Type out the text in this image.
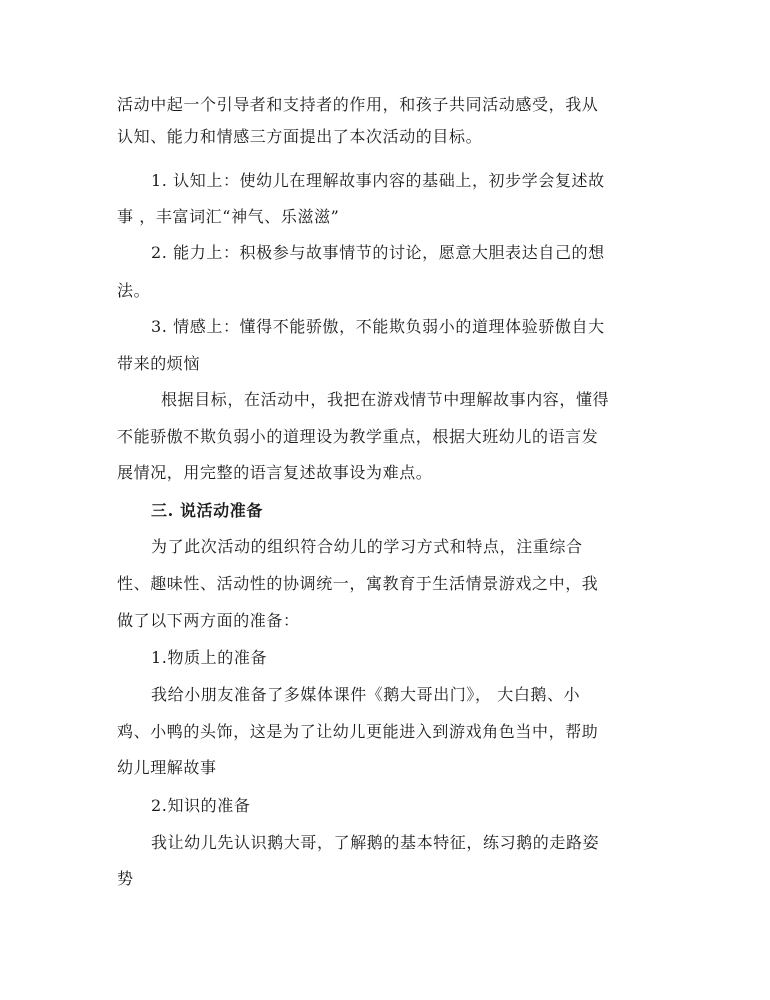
活动中起一个引导者和支持者的作用，和孩子共同活动感受，我从
认知、能力和情感三方面提出了本次活动的目标。
1. 认知上：使幼儿在理解故事内容的基础上，初步学会复述故
事 ，丰富词汇“神气、乐滋滋”
2. 能力上：积极参与故事情节的讨论，愿意大胆表达自己的想
法。
3. 情感上：懂得不能骄傲，不能欺负弱小的道理体验骄傲自大
带来的烦恼
根据目标，在活动中，我把在游戏情节中理解故事内容，懂得
不能骄傲不欺负弱小的道理设为教学重点，根据大班幼儿的语言发
展情况，用完整的语言复述故事设为难点。
三. 说活动准备
为了此次活动的组织符合幼儿的学习方式和特点，注重综合
性、趣味性、活动性的协调统一，寓教育于生活情景游戏之中，我
做了以下两方面的准备：
1.物质上的准备
我给小朋友准备了多媒体课件《鹅大哥出门》， 大白鹅、小
鸡、小鸭的头饰，这是为了让幼儿更能进入到游戏角色当中，帮助
幼儿理解故事
2.知识的准备
我让幼儿先认识鹅大哥，了解鹅的基本特征，练习鹅的走路姿
势
